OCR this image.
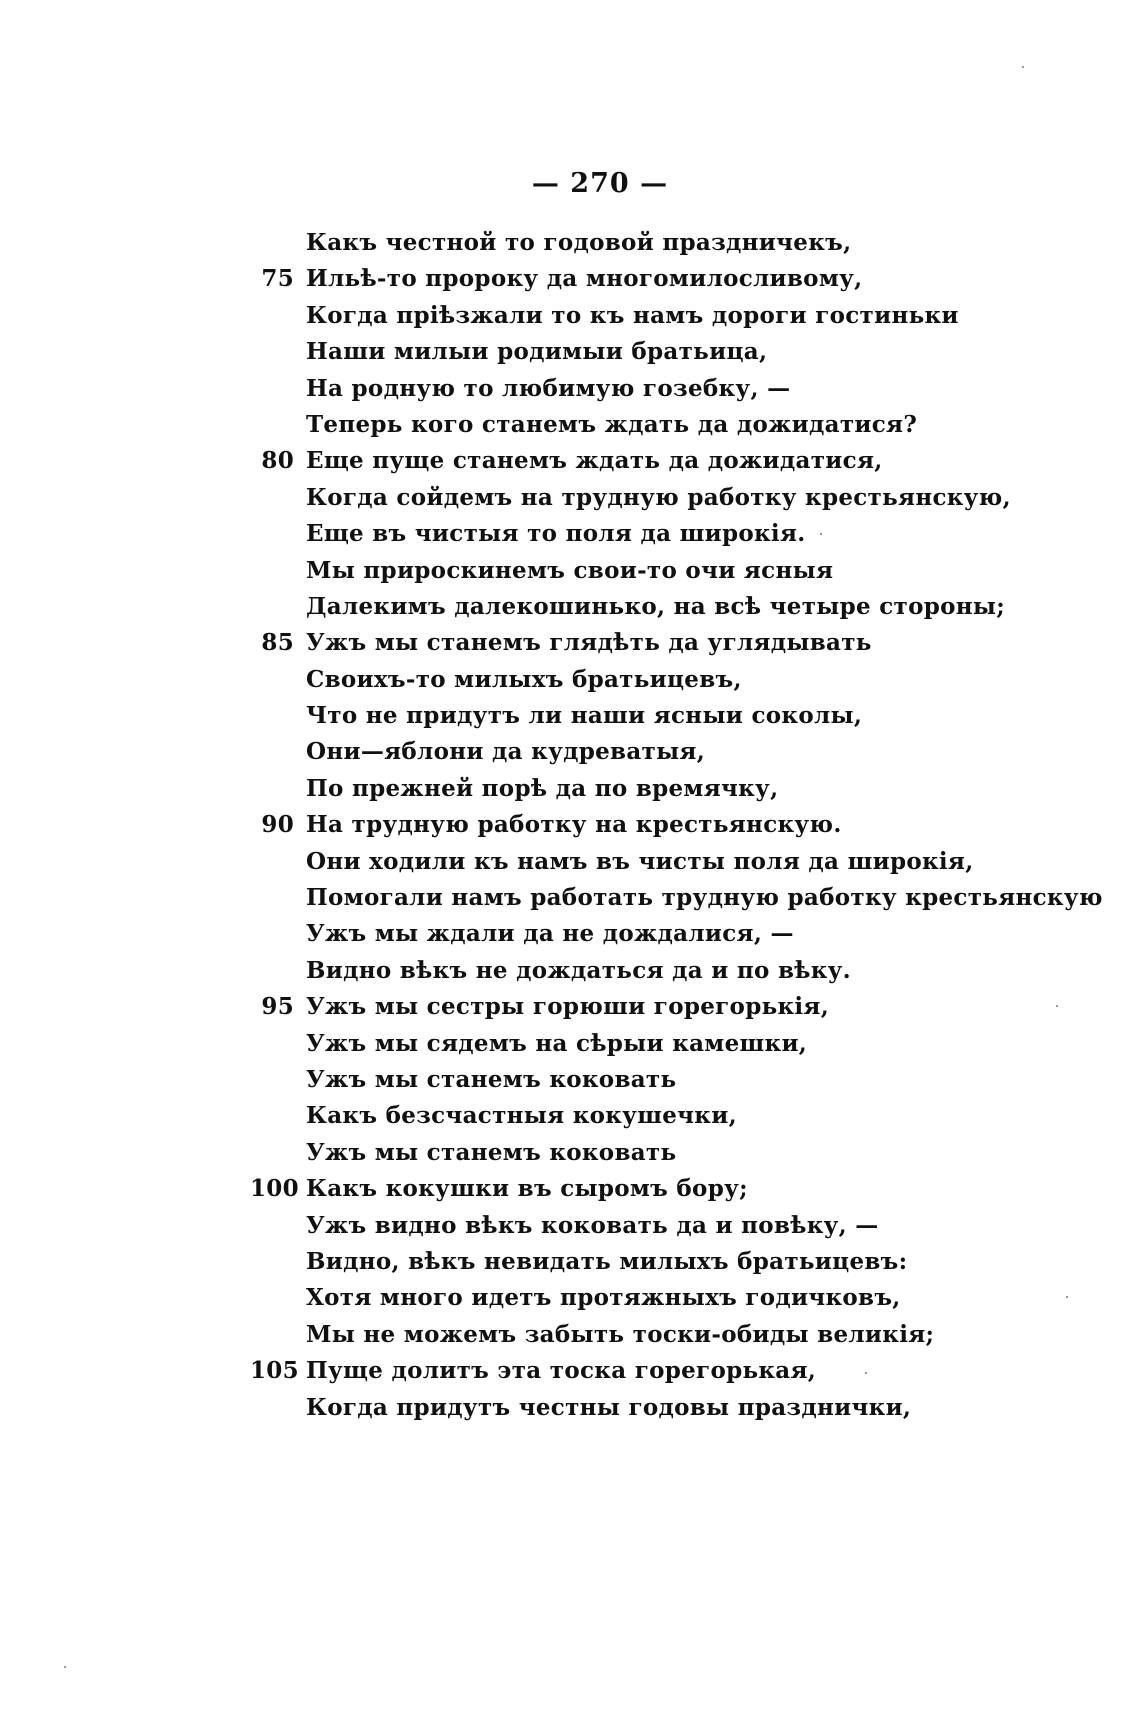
— 270 —
Какъ честной то годовой праздничекъ,
75 Ильѣ-то пророку да многомилосливому,
Когда прiѣзжали то къ намъ дороги гостиньки
Наши милыи родимыи братьица,
На родную то любимую гозебку, —
Теперь кого станемъ ждать да дожидатися?
80 Еще пуще станемъ ждать да дожидатися,
Когда сойдемъ на трудную работку крестьянскую,
Еще въ чистыя то поля да широкiя.
Мы прироскинемъ свои-то очи ясныя
Далекимъ далекошинько, на всѣ четыре стороны;
85 Ужъ мы станемъ глядѣть да углядывать
Своихъ-то милыхъ братьицевъ,
Что не придутъ ли наши ясныи соколы,
Они—яблони да кудреватыя,
По прежней порѣ да по времячку,
90 На трудную работку на крестьянскую.
Они ходили къ намъ въ чисты поля да широкiя,
Помогали намъ работать трудную работку крестьянскую
Ужъ мы ждали да не дождалися, —
Видно вѣкъ не дождаться да и по вѣку.
95 Ужъ мы сестры горюши горегорькiя,
Ужъ мы сядемъ на сѣрыи камешки,
Ужъ мы станемъ коковать
Какъ безсчастныя кокушечки,
Ужъ мы станемъ коковать
100 Какъ кокушки въ сыромъ бору;
Ужъ видно вѣкъ коковать да и повѣку, —
Видно, вѣкъ невидать милыхъ братьицевъ:
Хотя много идетъ протяжныхъ годичковъ,
Мы не можемъ забыть тоски-обиды великiя;
105 Пуще долитъ эта тоска горегорькая,
Когда придутъ честны годовы празднички,
